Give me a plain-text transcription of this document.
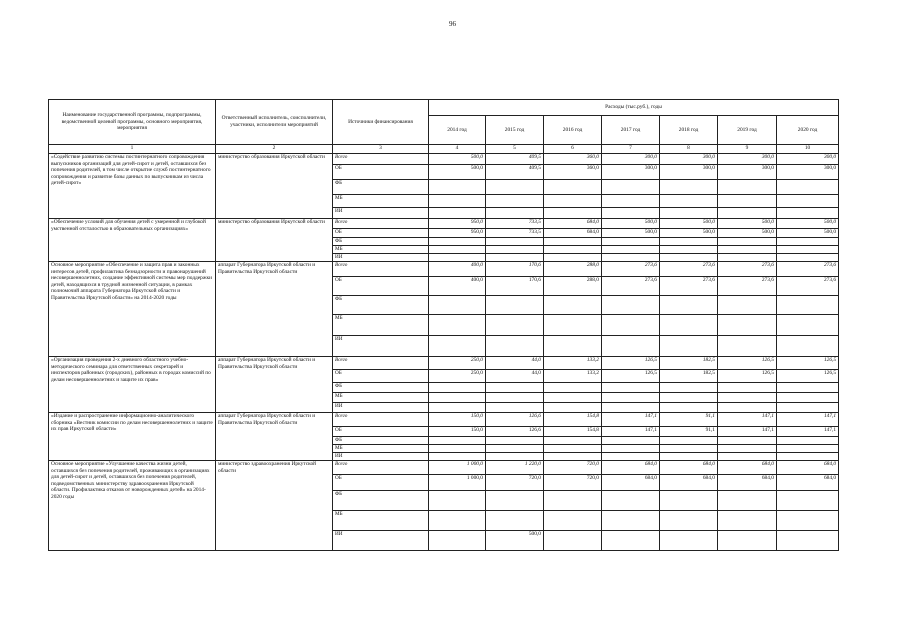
96
Наименование государственной программы, подпрограммы, ведомственной целевой программы, основного мероприятия, мероприятия	Ответственный исполнитель, соисполнители, участники, исполнители мероприятий	Источники финансирования	Расходы (тыс.руб.), годы						
			2014 год	2015 год	2016 год	2017 год	2018 год	2019 год	2020 год
1	2	3	4	5	6	7	8	9	10
«Содействие развитию системы постинтернатного сопровождения выпускников организаций для детей-сирот и детей, оставшихся без попечения родителей, в том числе открытие служб постинтернатного сопровождения и развитие базы данных по выпускникам из числа детей-сирот»	министерство образования Иркутской области	Всего	500,0	409,5	360,0	300,0	300,0	300,0	300,0
		ОБ	500,0	409,5	360,0	300,0	300,0	300,0	300,0
		ФБ							
		МБ							
		ИИ							
«Обеспечение условий для обучения детей с умеренной и глубокой умственной отсталостью в образовательных организациях»	министерство образования Иркутской области	Всего	950,0	733,5	684,0	500,0	500,0	500,0	500,0
		ОБ	950,0	733,5	684,0	500,0	500,0	500,0	500,0
		ФБ							
		МБ							
		ИИ							
Основное мероприятие «Обеспечение и защита прав и законных интересов детей, профилактика безнадзорности и правонарушений несовершеннолетних, создание эффективной системы мер поддержки детей, находящихся в трудной жизненной ситуации, в рамках полномочий аппарата Губернатора Иркутской области и Правительства Иркутской области» на 2014-2020 годы	аппарат Губернатора Иркутской области и Правительства Иркутской области	Всего	400,0	170,6	288,0	273,6	273,6	273,6	273,6
		ОБ	400,0	170,6	288,0	273,6	273,6	273,6	273,6
		ФБ							
		МБ							
		ИИ							
«Организация проведения 2-х дневного областного учебно-методического семинара для ответственных секретарей и инспекторов районных (городских), районных в городах комиссий по делам несовершеннолетних и защите их прав»	аппарат Губернатора Иркутской области и Правительства Иркутской области	Всего	250,0	44,0	133,2	126,5	182,5	126,5	126,5
		ОБ	250,0	44,0	133,2	126,5	182,5	126,5	126,5
		ФБ							
		МБ							
		ИИ							
«Издание и распространение информационно-аналитического сборника «Вестник комиссии по делам несовершеннолетних и защите их прав Иркутской области»	аппарат Губернатора Иркутской области и Правительства Иркутской области	Всего	150,0	126,6	154,8	147,1	91,1	147,1	147,1
		ОБ	150,0	126,6	154,8	147,1	91,1	147,1	147,1
		ФБ							
		МБ							
		ИИ							
Основное мероприятие «Улучшение качества жизни детей, оставшихся без попечения родителей, проживающих в организациях для детей-сирот и детей, оставшихся без попечения родителей, подведомственных министерству здравоохранения Иркутской области. Профилактика отказов от новорожденных детей» на 2014-2020 годы	министерство здравоохранения Иркутской области	Всего	1 000,0	1 220,0	720,0	684,0	684,0	684,0	684,0
		ОБ	1 000,0	720,0	720,0	684,0	684,0	684,0	684,0
		ФБ							
		МБ							
		ИИ		500,0					
